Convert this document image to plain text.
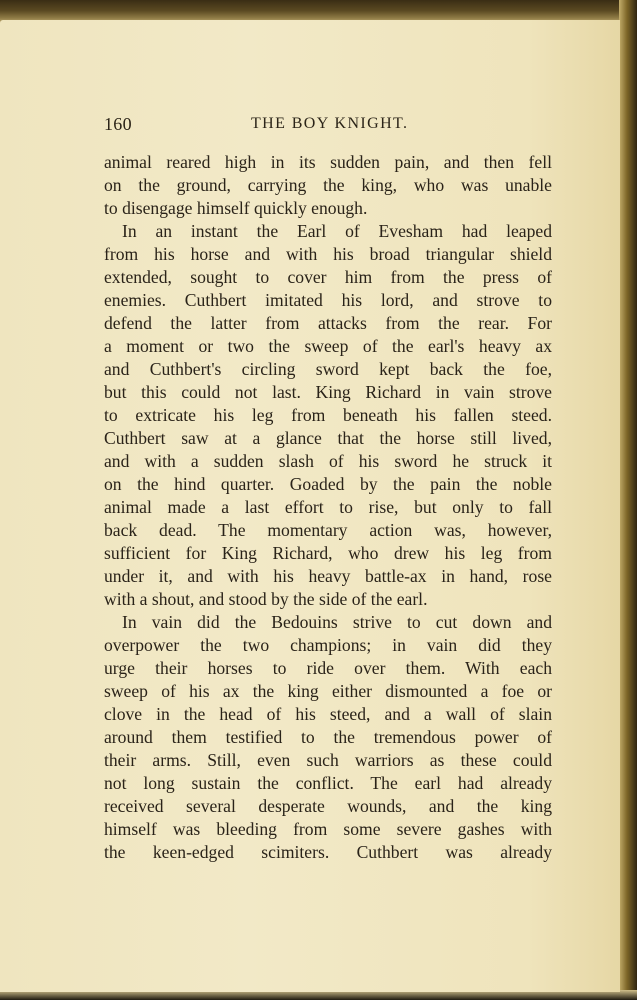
160	THE BOY KNIGHT.
animal reared high in its sudden pain, and then fell
on the ground, carrying the king, who was unable
to disengage himself quickly enough.
In an instant the Earl of Evesham had leaped
from his horse and with his broad triangular shield
extended, sought to cover him from the press of
enemies. Cuthbert imitated his lord, and strove to
defend the latter from attacks from the rear. For
a moment or two the sweep of the earl's heavy ax
and Cuthbert's circling sword kept back the foe,
but this could not last. King Richard in vain strove
to extricate his leg from beneath his fallen steed.
Cuthbert saw at a glance that the horse still lived,
and with a sudden slash of his sword he struck it
on the hind quarter. Goaded by the pain the noble
animal made a last effort to rise, but only to fall
back dead. The momentary action was, however,
sufficient for King Richard, who drew his leg from
under it, and with his heavy battle-ax in hand, rose
with a shout, and stood by the side of the earl.
In vain did the Bedouins strive to cut down and
overpower the two champions; in vain did they
urge their horses to ride over them. With each
sweep of his ax the king either dismounted a foe or
clove in the head of his steed, and a wall of slain
around them testified to the tremendous power of
their arms. Still, even such warriors as these could
not long sustain the conflict. The earl had already
received several desperate wounds, and the king
himself was bleeding from some severe gashes with
the keen-edged scimiters. Cuthbert was already
